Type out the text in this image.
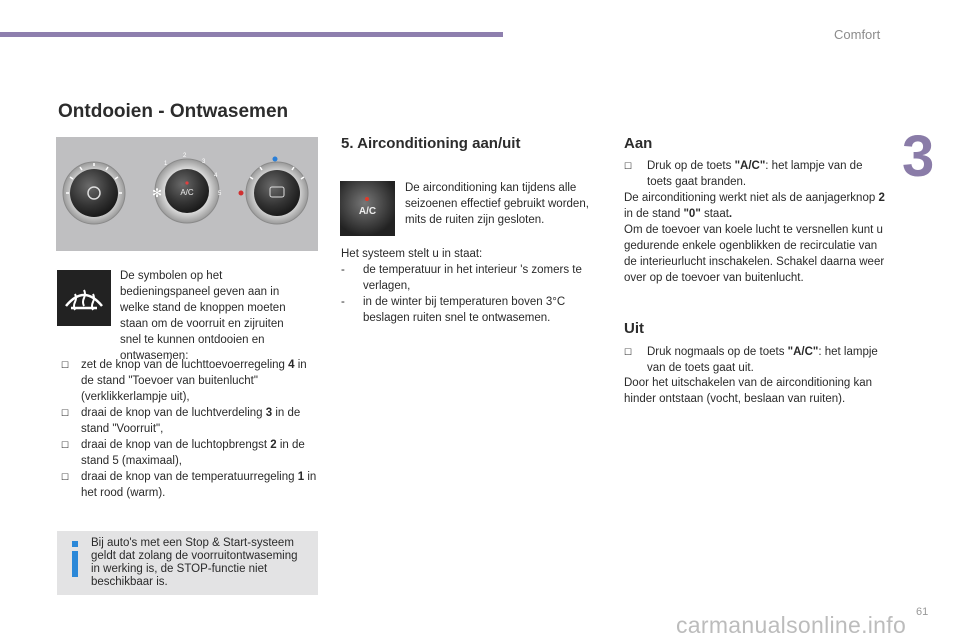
Comfort
3
Ontdooien - Ontwasemen
A/C
✻
1
2
3
4
5
De symbolen op het bedieningspaneel geven aan in welke stand de knoppen moeten staan om de voorruit en zijruiten snel te kunnen ontdooien en ontwasemen:
☐ zet de knop van de luchttoevoerregeling 4 in de stand "Toevoer van buitenlucht" (verklikkerlampje uit),
☐ draai de knop van de luchtverdeling 3 in de stand "Voorruit",
☐ draai de knop van de luchtopbrengst 2 in de stand 5 (maximaal),
☐ draai de knop van de temperatuurregeling 1 in het rood (warm).
Bij auto's met een Stop & Start-systeem geldt dat zolang de voorruitontwaseming in werking is, de STOP-functie niet beschikbaar is.
5. Airconditioning aan/uit
A/C
De airconditioning kan tijdens alle seizoenen effectief gebruikt worden, mits de ruiten zijn gesloten.
Het systeem stelt u in staat:
- de temperatuur in het interieur 's zomers te verlagen,
- in de winter bij temperaturen boven 3°C beslagen ruiten snel te ontwasemen.
Aan
☐ Druk op de toets "A/C": het lampje van de toets gaat branden.
De airconditioning werkt niet als de aanjagerknop 2 in de stand "0" staat.
Om de toevoer van koele lucht te versnellen kunt u gedurende enkele ogenblikken de recirculatie van de interieurlucht inschakelen. Schakel daarna weer over op de toevoer van buitenlucht.
Uit
☐ Druk nogmaals op de toets "A/C": het lampje van de toets gaat uit.
Door het uitschakelen van de airconditioning kan hinder ontstaan (vocht, beslaan van ruiten).
carmanualsonline.info 61
